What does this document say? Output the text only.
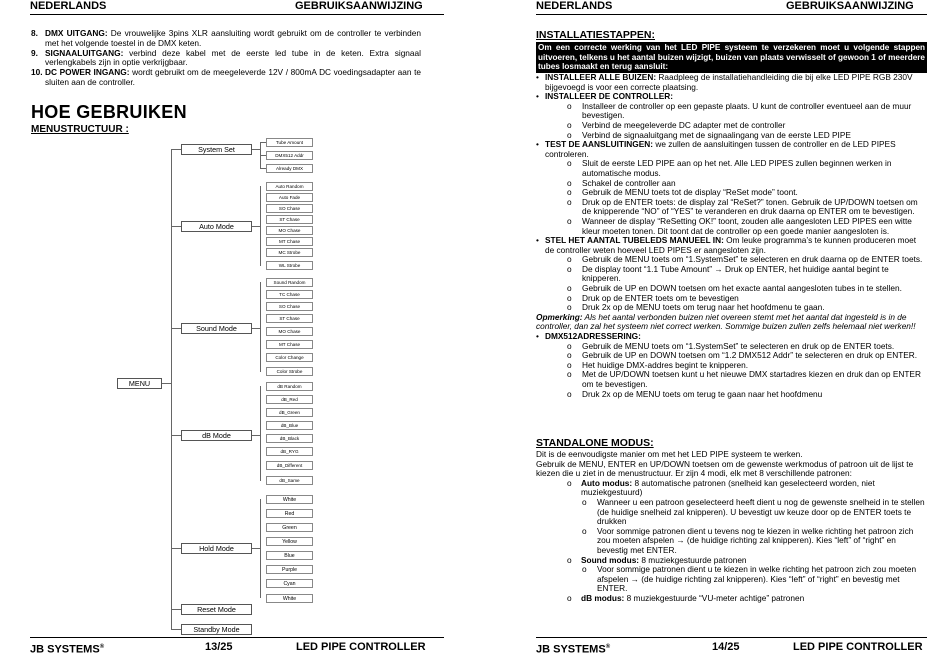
NEDERLANDS	GEBRUIKSAANWIJZING
8. DMX UITGANG: De vrouwelijke 3pins XLR aansluiting wordt gebruikt om de controller te verbinden met het volgende toestel in de DMX keten.
9. SIGNAALUITGANG: verbind deze kabel met de eerste led tube in de keten. Extra signaal verlengkabels zijn in optie verkrijgbaar.
10. DC POWER INGANG: wordt gebruikt om de meegeleverde 12V / 800mA DC voedingsadapter aan te sluiten aan de controller.
HOE GEBRUIKEN
MENUSTRUCTUUR :
MENU
System Set
Auto Mode
Sound Mode
dB Mode
Hold Mode
Reset Mode
Standby Mode
Tube Amount
DMX512 Addr
Already DMX
Auto Random
Auto Fade
SO Chase
ST Chase
MO Chase
MT Chase
MC Strobe
WL Strobe
Sound Random
TC Chase
SO Chase
ST Chase
MO Chase
MT Chase
Color Change
Color Strobe
dB Random
dB_Red
dB_Green
dB_Blue
dB_Black
dB_RYG
dB_Different
dB_Same
White
Red
Green
Yellow
Blue
Purple
Cyan
White
JB SYSTEMS®	13/25	LED PIPE CONTROLLER
NEDERLANDS	GEBRUIKSAANWIJZING
INSTALLATIESTAPPEN:
Om een correcte werking van het LED PIPE systeem te verzekeren moet u volgende stappen uitvoeren, telkens u het aantal buizen wijzigt, buizen van plaats verwisselt of gewoon 1 of meerdere tubes losmaakt en terug aansluit:
• INSTALLEER ALLE BUIZEN: Raadpleeg de installatiehandleiding die bij elke LED PIPE RGB 230V bijgevoegd is voor een correcte plaatsing.
• INSTALLEER DE CONTROLLER:
o Installeer de controller op een gepaste plaats. U kunt de controller eventueel aan de muur bevestigen.
o Verbind de meegeleverde DC adapter met de controller
o Verbind de signaaluitgang met de signaalingang van de eerste LED PIPE
• TEST DE AANSLUITINGEN: we zullen de aansluitingen tussen de controller en de LED PIPES controleren.
o Sluit de eerste LED PIPE aan op het net. Alle LED PIPES zullen beginnen werken in automatische modus.
o Schakel de controller aan
o Gebruik de MENU toets tot de display “ReSet mode” toont.
o Druk op de ENTER toets: de display zal “ReSet?” tonen. Gebruik de UP/DOWN toetsen om de knipperende “NO” of “YES” te veranderen en druk daarna op ENTER om te bevestigen.
o Wanneer de display “ReSetting OK!” toont, zouden alle aangesloten LED PIPES een witte kleur moeten tonen. Dit toont dat de controller op een goede manier aangesloten is.
• STEL HET AANTAL TUBELEDS MANUEEL IN: Om leuke programma’s te kunnen produceren moet de controller weten hoeveel LED PIPES er aangesloten zijn.
o Gebruik de MENU toets om “1.SystemSet” te selecteren en druk daarna op de ENTER toets.
o De display toont “1.1 Tube Amount” → Druk op ENTER, het huidige aantal begint te knipperen.
o Gebruik de UP en DOWN toetsen om het exacte aantal aangesloten tubes in te stellen.
o Druk op de ENTER toets om te bevestigen
o Druk 2x op de MENU toets om terug naar het hoofdmenu te gaan.
Opmerking: Als het aantal verbonden buizen niet overeen stemt met het aantal dat ingesteld is in de controller, dan zal het systeem niet correct werken. Sommige buizen zullen zelfs helemaal niet werken!!
• DMX512ADRESSERING:
o Gebruik de MENU toets om “1.SystemSet” te selecteren en druk op de ENTER toets.
o Gebruik de UP en DOWN toetsen om “1.2 DMX512 Addr” te selecteren en druk op ENTER.
o Het huidige DMX-addres begint te knipperen.
o Met de UP/DOWN toetsen kunt u het nieuwe DMX startadres kiezen en druk dan op ENTER om te bevestigen.
o Druk 2x op de MENU toets om terug te gaan naar het hoofdmenu
STANDALONE MODUS:
Dit is de eenvoudigste manier om met het LED PIPE systeem te werken.
Gebruik de MENU, ENTER en UP/DOWN toetsen om de gewenste werkmodus of patroon uit de lijst te kiezen die u ziet in de menustructuur. Er zijn 4 modi, elk met 8 verschillende patronen:
o Auto modus: 8 automatische patronen (snelheid kan geselecteerd worden, niet muziekgestuurd)
o Wanneer u een patroon geselecteerd heeft dient u nog de gewenste snelheid in te stellen (de huidige snelheid zal knipperen). U bevestigt uw keuze door op de ENTER toets te drukken
o Voor sommige patronen dient u tevens nog te kiezen in welke richting het patroon zich zou moeten afspelen → (de huidige richting zal knipperen). Kies “left” of “right” en bevestig met ENTER.
o Sound modus: 8 muziekgestuurde patronen
o Voor sommige patronen dient u te kiezen in welke richting het patroon zich zou moeten afspelen → (de huidige richting zal knipperen). Kies “left” of “right” en bevestig met ENTER.
o dB modus: 8 muziekgestuurde “VU-meter achtige” patronen
JB SYSTEMS®	14/25	LED PIPE CONTROLLER
